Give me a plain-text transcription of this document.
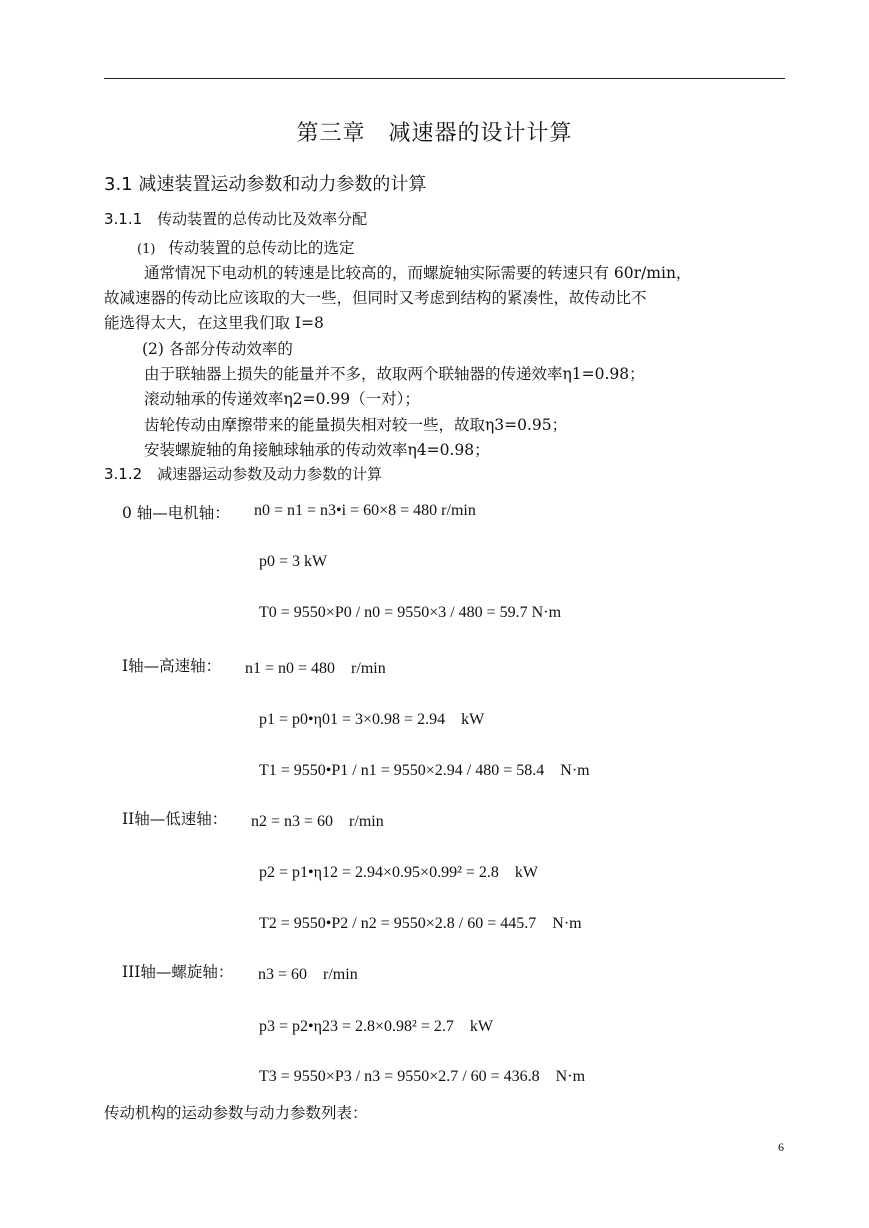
第三章　减速器的设计计算
3.1 减速装置运动参数和动力参数的计算
3.1.1　传动装置的总传动比及效率分配
(1) 传动装置的总传动比的选定
通常情况下电动机的转速是比较高的，而螺旋轴实际需要的转速只有 60r/min，
故减速器的传动比应该取的大一些，但同时又考虑到结构的紧凑性，故传动比不
能选得太大，在这里我们取 I=8
(2) 各部分传动效率的
由于联轴器上损失的能量并不多，故取两个联轴器的传递效率η1=0.98；
滚动轴承的传递效率η2=0.99（一对）；
齿轮传动由摩擦带来的能量损失相对较一些，故取η3=0.95；
安装螺旋轴的角接触球轴承的传动效率η4=0.98；
3.1.2　减速器运动参数及动力参数的计算
0 轴—电机轴： n0 = n1 = n3•i = 60×8 = 480 r/min
p0 = 3 kW
T0 = 9550×P0 / n0 = 9550×3 / 480 = 59.7 N·m
I轴—高速轴： n1 = n0 = 480　r/min
p1 = p0•η01 = 3×0.98 = 2.94　kW
T1 = 9550•P1 / n1 = 9550×2.94 / 480 = 58.4　N·m
II轴—低速轴： n2 = n3 = 60　r/min
p2 = p1•η12 = 2.94×0.95×0.99² = 2.8　kW
T2 = 9550•P2 / n2 = 9550×2.8 / 60 = 445.7　N·m
III轴—螺旋轴： n3 = 60　r/min
p3 = p2•η23 = 2.8×0.98² = 2.7　kW
T3 = 9550×P3 / n3 = 9550×2.7 / 60 = 436.8　N·m
传动机构的运动参数与动力参数列表：
6
